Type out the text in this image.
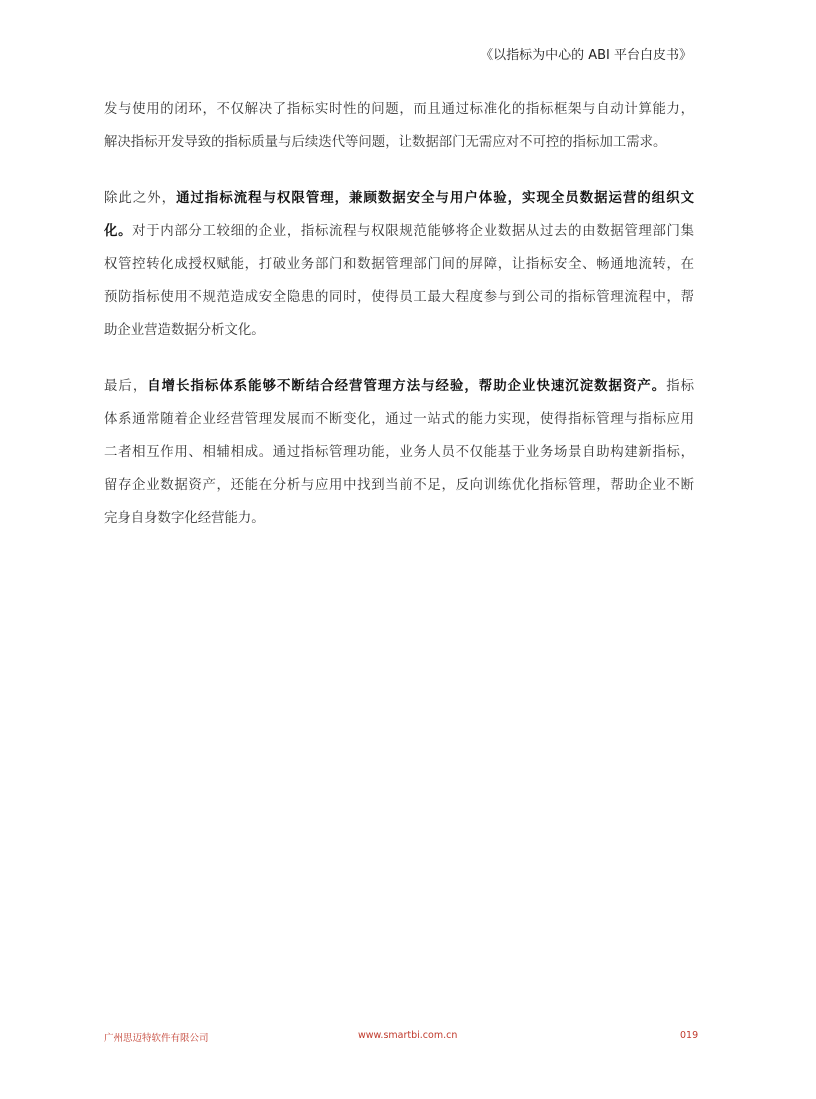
《以指标为中心的 ABI 平台白皮书》

发与使用的闭环，不仅解决了指标实时性的问题，而且通过标准化的指标框架与自动计算能力，
解决指标开发导致的指标质量与后续迭代等问题，让数据部门无需应对不可控的指标加工需求。

除此之外，通过指标流程与权限管理，兼顾数据安全与用户体验，实现全员数据运营的组织文
化。对于内部分工较细的企业，指标流程与权限规范能够将企业数据从过去的由数据管理部门集
权管控转化成授权赋能，打破业务部门和数据管理部门间的屏障，让指标安全、畅通地流转，在
预防指标使用不规范造成安全隐患的同时，使得员工最大程度参与到公司的指标管理流程中，帮
助企业营造数据分析文化。

最后，自增长指标体系能够不断结合经营管理方法与经验，帮助企业快速沉淀数据资产。指标
体系通常随着企业经营管理发展而不断变化，通过一站式的能力实现，使得指标管理与指标应用
二者相互作用、相辅相成。通过指标管理功能，业务人员不仅能基于业务场景自助构建新指标，
留存企业数据资产，还能在分析与应用中找到当前不足，反向训练优化指标管理，帮助企业不断
完身自身数字化经营能力。

广州思迈特软件有限公司	www.smartbi.com.cn	019
